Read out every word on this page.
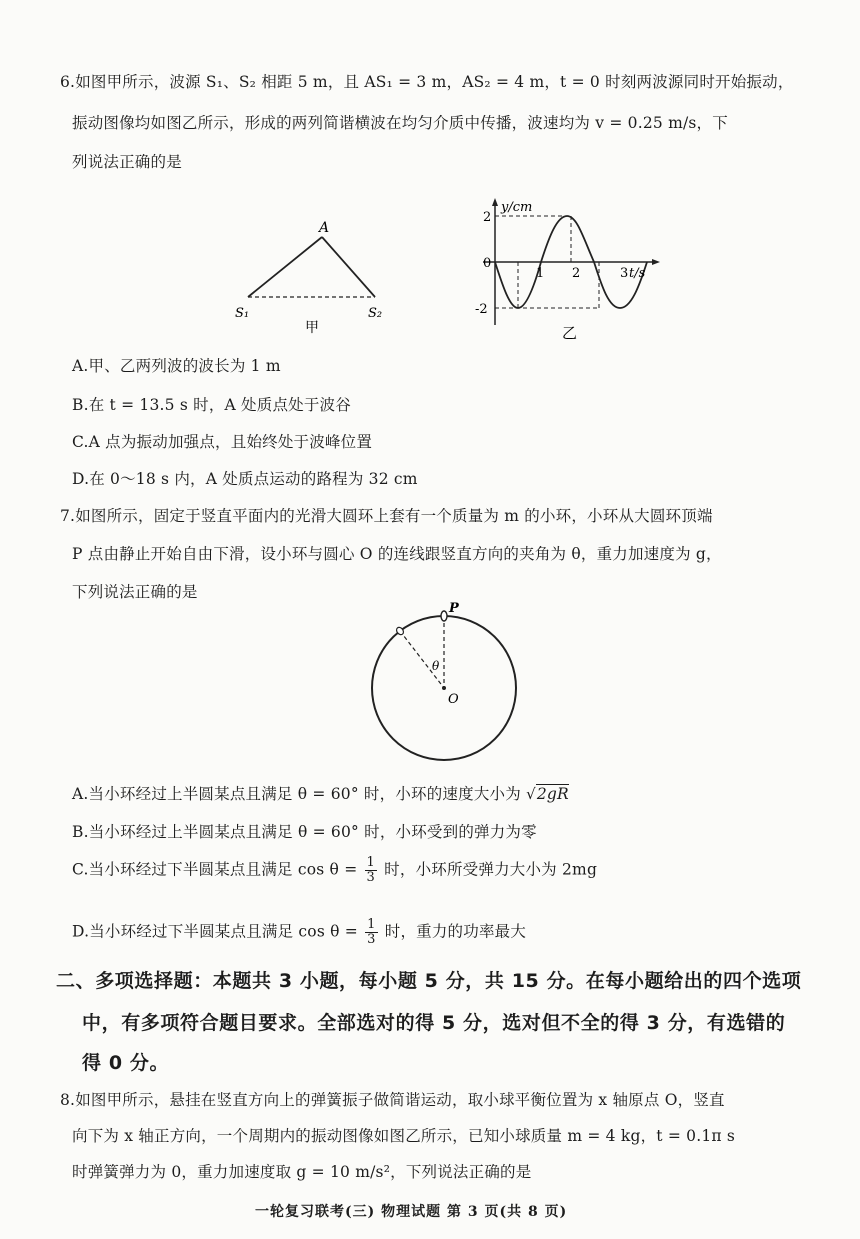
6.如图甲所示，波源 S₁、S₂ 相距 5 m，且 AS₁ = 3 m，AS₂ = 4 m，t = 0 时刻两波源同时开始振动，
振动图像均如图乙所示，形成的两列简谐横波在均匀介质中传播，波速均为 v = 0.25 m/s，下
列说法正确的是
A
S₁	S₂
甲
y/cm
t/s
0
2
-2
1 2	3
乙
A.甲、乙两列波的波长为 1 m
B.在 t = 13.5 s 时，A 处质点处于波谷
C.A 点为振动加强点，且始终处于波峰位置
D.在 0～18 s 内，A 处质点运动的路程为 32 cm
7.如图所示，固定于竖直平面内的光滑大圆环上套有一个质量为 m 的小环，小环从大圆环顶端
P 点由静止开始自由下滑，设小环与圆心 O 的连线跟竖直方向的夹角为 θ，重力加速度为 g，
下列说法正确的是
P
O
θ
A.当小环经过上半圆某点且满足 θ = 60° 时，小环的速度大小为 √2gR
B.当小环经过上半圆某点且满足 θ = 60° 时，小环受到的弹力为零
C.当小环经过下半圆某点且满足 $\cos \theta = \frac{1}{3}$ 时，小环所受弹力大小为 2mg
D.当小环经过下半圆某点且满足 $\cos \theta = \frac{1}{3}$ 时，重力的功率最大
二、多项选择题：本题共 3 小题，每小题 5 分，共 15 分。在每小题给出的四个选项
中，有多项符合题目要求。全部选对的得 5 分，选对但不全的得 3 分，有选错的
得 0 分。
8.如图甲所示，悬挂在竖直方向上的弹簧振子做简谐运动，取小球平衡位置为 x 轴原点 O，竖直
向下为 x 轴正方向，一个周期内的振动图像如图乙所示，已知小球质量 m = 4 kg，t = 0.1π s
时弹簧弹力为 0，重力加速度取 g = 10 m/s²，下列说法正确的是
一轮复习联考(三) 物理试题 第 3 页(共 8 页)
